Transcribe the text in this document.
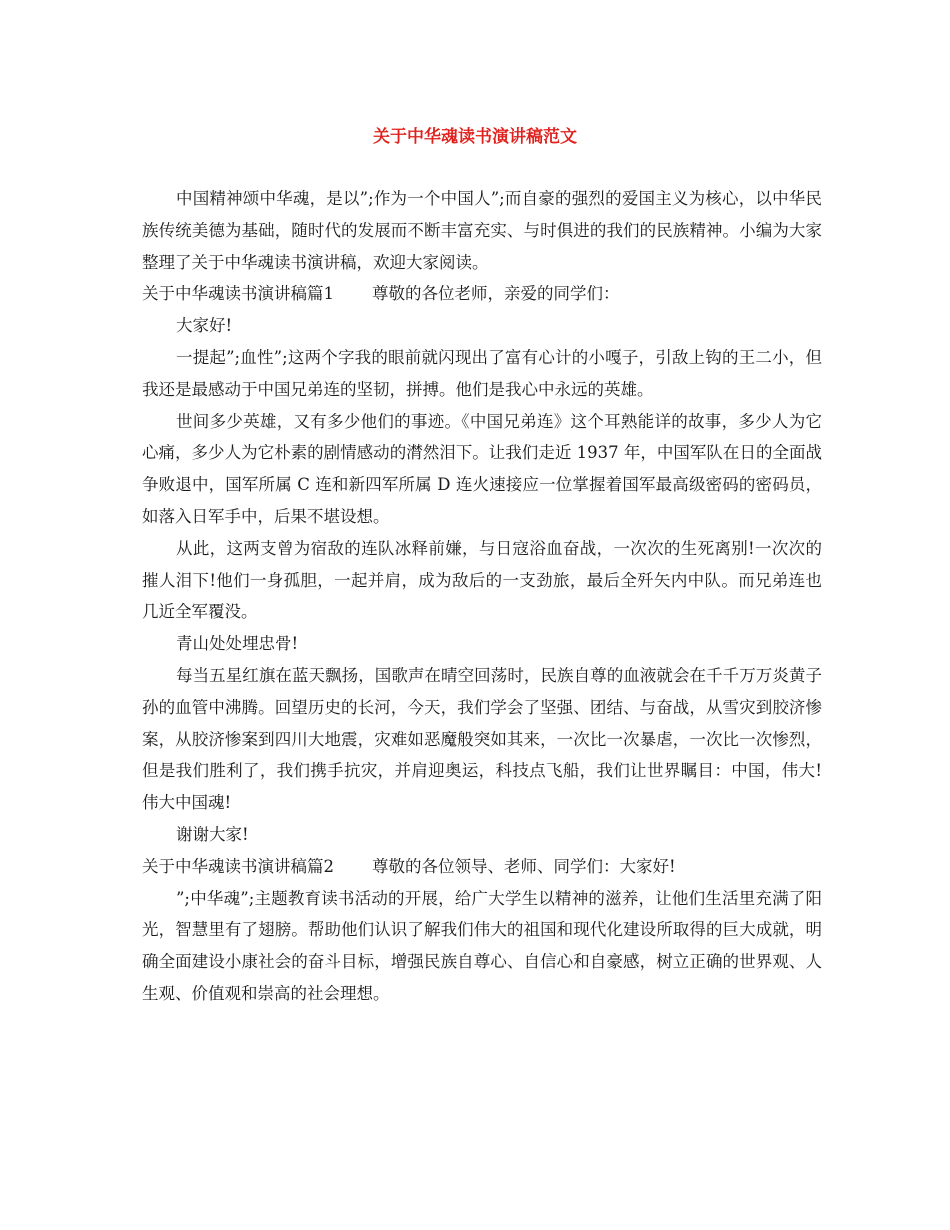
关于中华魂读书演讲稿范文

中国精神颂中华魂，是以”;作为一个中国人”;而自豪的强烈的爱国主义为核心，以中华民族传统美德为基础，随时代的发展而不断丰富充实、与时俱进的我们的民族精神。小编为大家整理了关于中华魂读书演讲稿，欢迎大家阅读。

关于中华魂读书演讲稿篇1 尊敬的各位老师，亲爱的同学们：

大家好!

一提起”;血性”;这两个字我的眼前就闪现出了富有心计的小嘎子，引敌上钩的王二小，但我还是最感动于中国兄弟连的坚韧，拼搏。他们是我心中永远的英雄。

世间多少英雄，又有多少他们的事迹。《中国兄弟连》这个耳熟能详的故事，多少人为它心痛，多少人为它朴素的剧情感动的潸然泪下。让我们走近 1937 年，中国军队在日的全面战争败退中，国军所属 C 连和新四军所属 D 连火速接应一位掌握着国军最高级密码的密码员，如落入日军手中，后果不堪设想。

从此，这两支曾为宿敌的连队冰释前嫌，与日寇浴血奋战，一次次的生死离别!一次次的摧人泪下!他们一身孤胆，一起并肩，成为敌后的一支劲旅，最后全歼矢内中队。而兄弟连也几近全军覆没。

青山处处埋忠骨!

每当五星红旗在蓝天飘扬，国歌声在晴空回荡时，民族自尊的血液就会在千千万万炎黄子孙的血管中沸腾。回望历史的长河，今天，我们学会了坚强、团结、与奋战，从雪灾到胶济惨案，从胶济惨案到四川大地震，灾难如恶魔般突如其来，一次比一次暴虐，一次比一次惨烈，但是我们胜利了，我们携手抗灾，并肩迎奥运，科技点飞船，我们让世界瞩目：中国，伟大!伟大中国魂!

谢谢大家!

关于中华魂读书演讲稿篇2 尊敬的各位领导、老师、同学们：大家好!

”;中华魂”;主题教育读书活动的开展，给广大学生以精神的滋养，让他们生活里充满了阳光，智慧里有了翅膀。帮助他们认识了解我们伟大的祖国和现代化建设所取得的巨大成就，明确全面建设小康社会的奋斗目标，增强民族自尊心、自信心和自豪感，树立正确的世界观、人生观、价值观和崇高的社会理想。
